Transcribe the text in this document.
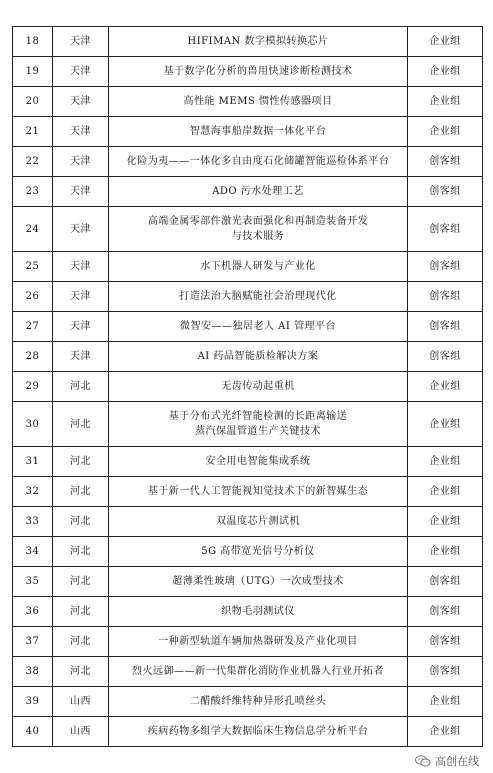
18	天津	HIFIMAN 数字模拟转换芯片	企业组
19	天津	基于数字化分析的兽用快速诊断检测技术	企业组
20	天津	高性能 MEMS 惯性传感器项目	企业组
21	天津	智慧海事船岸数据一体化平台	企业组
22	天津	化险为夷——一体化多自由度石化储罐智能巡检体系平台	创客组
23	天津	ADO 污水处理工艺	创客组
24	天津	高端金属零部件激光表面强化和再制造装备开发
与技术服务	创客组
25	天津	水下机器人研发与产业化	创客组
26	天津	打造法治大脑赋能社会治理现代化	创客组
27	天津	微智安——独居老人 AI 管理平台	创客组
28	天津	AI 药品智能质检解决方案	创客组
29	河北	无齿传动起重机	企业组
30	河北	基于分布式光纤智能检测的长距离输送
蒸汽保温管道生产关键技术	企业组
31	河北	安全用电智能集成系统	企业组
32	河北	基于新一代人工智能视知觉技术下的新智媒生态	企业组
33	河北	双温度芯片测试机	企业组
34	河北	5G 高带宽光信号分析仪	企业组
35	河北	超薄柔性玻璃（UTG）一次成型技术	创客组
36	河北	织物毛羽测试仪	创客组
37	河北	一种新型轨道车辆加热器研发及产业化项目	创客组
38	河北	烈火远御——新一代集群化消防作业机器人行业开拓者	创客组
39	山西	二醋酸纤维特种异形孔喷丝头	企业组
40	山西	疾病药物多组学大数据临床生物信息学分析平台	企业组
高创在线
